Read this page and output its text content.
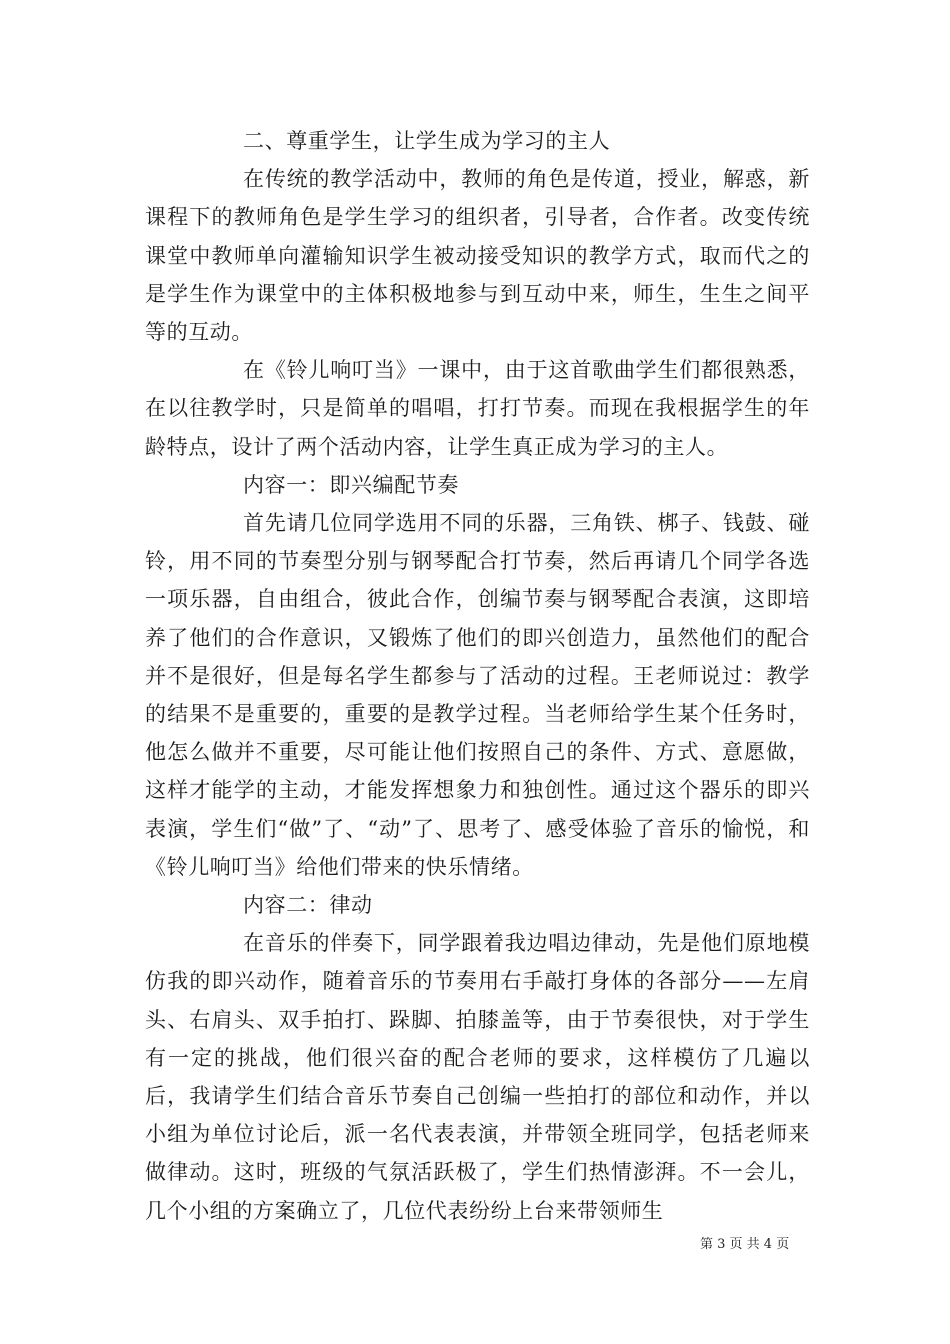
二、尊重学生，让学生成为学习的主人

在传统的教学活动中，教师的角色是传道，授业，解惑，新课程下的教师角色是学生学习的组织者，引导者，合作者。改变传统课堂中教师单向灌输知识学生被动接受知识的教学方式，取而代之的是学生作为课堂中的主体积极地参与到互动中来，师生，生生之间平等的互动。

在《铃儿响叮当》一课中，由于这首歌曲学生们都很熟悉，在以往教学时，只是简单的唱唱，打打节奏。而现在我根据学生的年龄特点，设计了两个活动内容，让学生真正成为学习的主人。

内容一：即兴编配节奏

首先请几位同学选用不同的乐器，三角铁、梆子、钱鼓、碰铃，用不同的节奏型分别与钢琴配合打节奏，然后再请几个同学各选一项乐器，自由组合，彼此合作，创编节奏与钢琴配合表演，这即培养了他们的合作意识，又锻炼了他们的即兴创造力，虽然他们的配合并不是很好，但是每名学生都参与了活动的过程。王老师说过：教学的结果不是重要的，重要的是教学过程。当老师给学生某个任务时，他怎么做并不重要，尽可能让他们按照自己的条件、方式、意愿做，这样才能学的主动，才能发挥想象力和独创性。通过这个器乐的即兴表演，学生们“做”了、“动”了、思考了、感受体验了音乐的愉悦，和《铃儿响叮当》给他们带来的快乐情绪。

内容二：律动

在音乐的伴奏下，同学跟着我边唱边律动，先是他们原地模仿我的即兴动作，随着音乐的节奏用右手敲打身体的各部分——左肩头、右肩头、双手拍打、跺脚、拍膝盖等，由于节奏很快，对于学生有一定的挑战，他们很兴奋的配合老师的要求，这样模仿了几遍以后，我请学生们结合音乐节奏自己创编一些拍打的部位和动作，并以小组为单位讨论后，派一名代表表演，并带领全班同学，包括老师来做律动。这时，班级的气氛活跃极了，学生们热情澎湃。不一会儿，几个小组的方案确立了，几位代表纷纷上台来带领师生

第 3 页 共 4 页
